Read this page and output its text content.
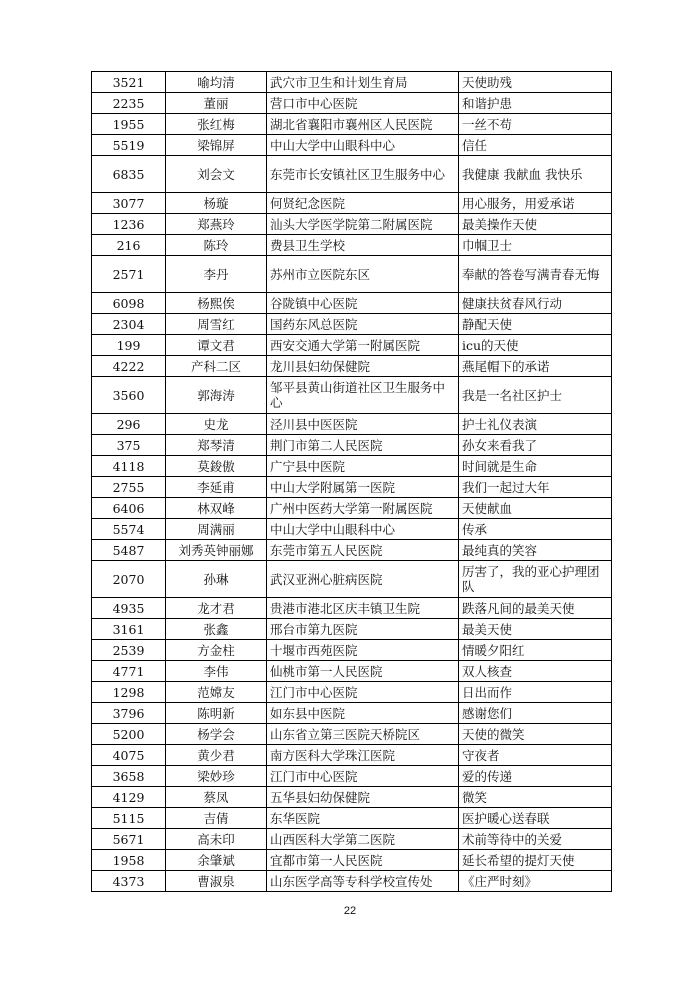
3521	喻均清	武穴市卫生和计划生育局	天使助残
2235	董丽	营口市中心医院	和谐护患
1955	张红梅	湖北省襄阳市襄州区人民医院	一丝不苟
5519	梁锦屏	中山大学中山眼科中心	信任
6835	刘会文	东莞市长安镇社区卫生服务中心	我健康 我献血 我快乐
3077	杨璇	何贤纪念医院	用心服务，用爱承诺
1236	郑燕玲	汕头大学医学院第二附属医院	最美操作天使
216	陈玲	费县卫生学校	巾帼卫士
2571	李丹	苏州市立医院东区	奉献的答卷写满青春无悔
6098	杨熙俟	谷陇镇中心医院	健康扶贫春风行动
2304	周雪红	国药东风总医院	静配天使
199	谭文君	西安交通大学第一附属医院	icu的天使
4222	产科二区	龙川县妇幼保健院	燕尾帽下的承诺
3560	郭海涛	邹平县黄山街道社区卫生服务中心	我是一名社区护士
296	史龙	泾川县中医医院	护士礼仪表演
375	郑琴清	荆门市第二人民医院	孙女来看我了
4118	莫鋑傲	广宁县中医院	时间就是生命
2755	李延甫	中山大学附属第一医院	我们一起过大年
6406	林双峰	广州中医药大学第一附属医院	天使献血
5574	周满丽	中山大学中山眼科中心	传承
5487	刘秀英钟丽娜	东莞市第五人民医院	最纯真的笑容
2070	孙琳	武汉亚洲心脏病医院	厉害了，我的亚心护理团队
4935	龙才君	贵港市港北区庆丰镇卫生院	跌落凡间的最美天使
3161	张鑫	邢台市第九医院	最美天使
2539	方金柱	十堰市西苑医院	情暖夕阳红
4771	李伟	仙桃市第一人民医院	双人核查
1298	范嫦友	江门市中心医院	日出而作
3796	陈明新	如东县中医院	感谢您们
5200	杨学会	山东省立第三医院天桥院区	天使的微笑
4075	黄少君	南方医科大学珠江医院	守夜者
3658	梁妙珍	江门市中心医院	爱的传递
4129	蔡凤	五华县妇幼保健院	微笑
5115	吉倩	东华医院	医护暖心送春联
5671	高未印	山西医科大学第二医院	术前等待中的关爱
1958	余肇斌	宜都市第一人民医院	延长希望的提灯天使
4373	曹淑泉	山东医学高等专科学校宣传处	《庄严时刻》
22
